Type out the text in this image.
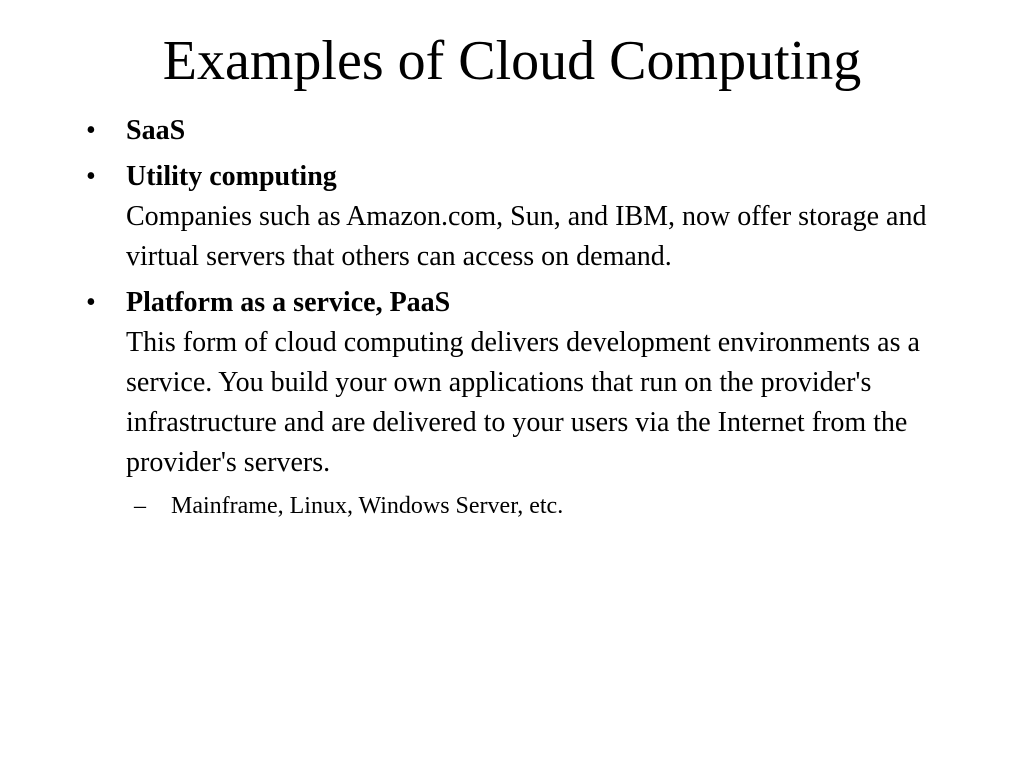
Examples of Cloud Computing
•	SaaS
•	Utility computing
Companies such as Amazon.com, Sun, and IBM, now offer storage and virtual servers that others can access on demand.
•	Platform as a service, PaaS
This form of cloud computing delivers development environments as a service. You build your own applications that run on the provider's infrastructure and are delivered to your users via the Internet from the provider's servers.
– Mainframe, Linux, Windows Server, etc.
